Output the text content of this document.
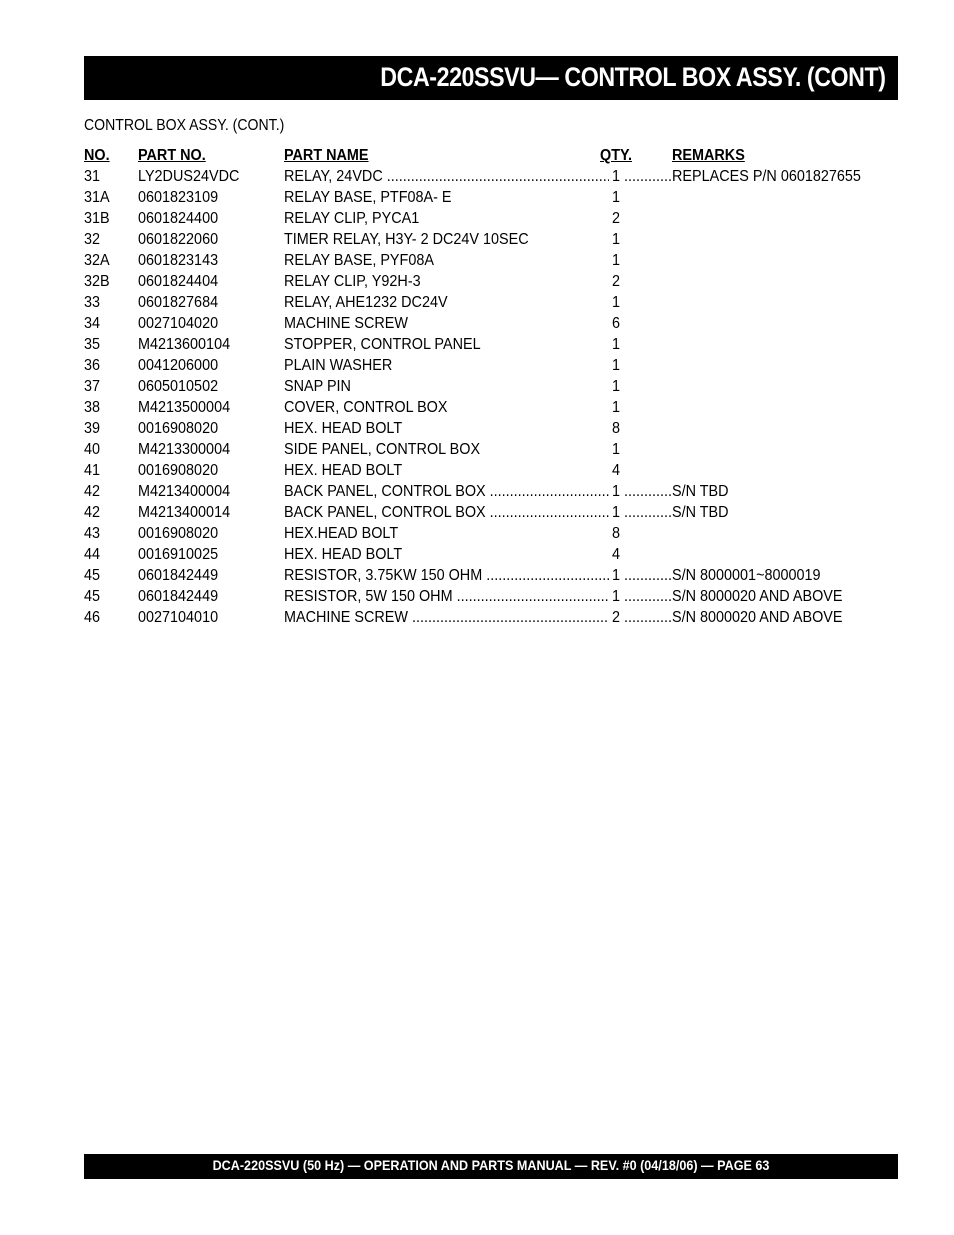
DCA-220SSVU— CONTROL BOX ASSY. (CONT)
CONTROL BOX ASSY. (CONT.)
NO. PART NO.	PART NAME	QTY. REMARKS
31 LY2DUS24VDC	RELAY, 24VDC .....	1 .....	REPLACES P/N 0601827655
31A 0601823109	RELAY BASE, PTF08A- E	1
31B 0601824400	RELAY CLIP, PYCA1	2
32 0601822060	TIMER RELAY, H3Y- 2 DC24V 10SEC	1
32A 0601823143	RELAY BASE, PYF08A	1
32B 0601824404	RELAY CLIP, Y92H-3	2
33 0601827684	RELAY, AHE1232 DC24V	1
34 0027104020	MACHINE SCREW	6
35 M4213600104	STOPPER, CONTROL PANEL	1
36 0041206000	PLAIN WASHER	1
37 0605010502	SNAP PIN	1
38 M4213500004	COVER, CONTROL BOX	1
39 0016908020	HEX. HEAD BOLT	8
40 M4213300004	SIDE PANEL, CONTROL BOX	1
41 0016908020	HEX. HEAD BOLT	4
42 M4213400004	BACK PANEL, CONTROL BOX .....	1 .....	S/N TBD
42 M4213400014	BACK PANEL, CONTROL BOX .....	1 .....	S/N TBD
43 0016908020	HEX.HEAD BOLT	8
44 0016910025	HEX. HEAD BOLT	4
45 0601842449	RESISTOR, 3.75KW 150 OHM .....	1 .....	S/N 8000001~8000019
45 0601842449	RESISTOR, 5W 150 OHM .....	1 .....	S/N 8000020 AND ABOVE
46 0027104010	MACHINE SCREW .....	2 .....	S/N 8000020 AND ABOVE
DCA-220SSVU (50 Hz) — OPERATION AND PARTS MANUAL — REV. #0 (04/18/06) — PAGE 63
